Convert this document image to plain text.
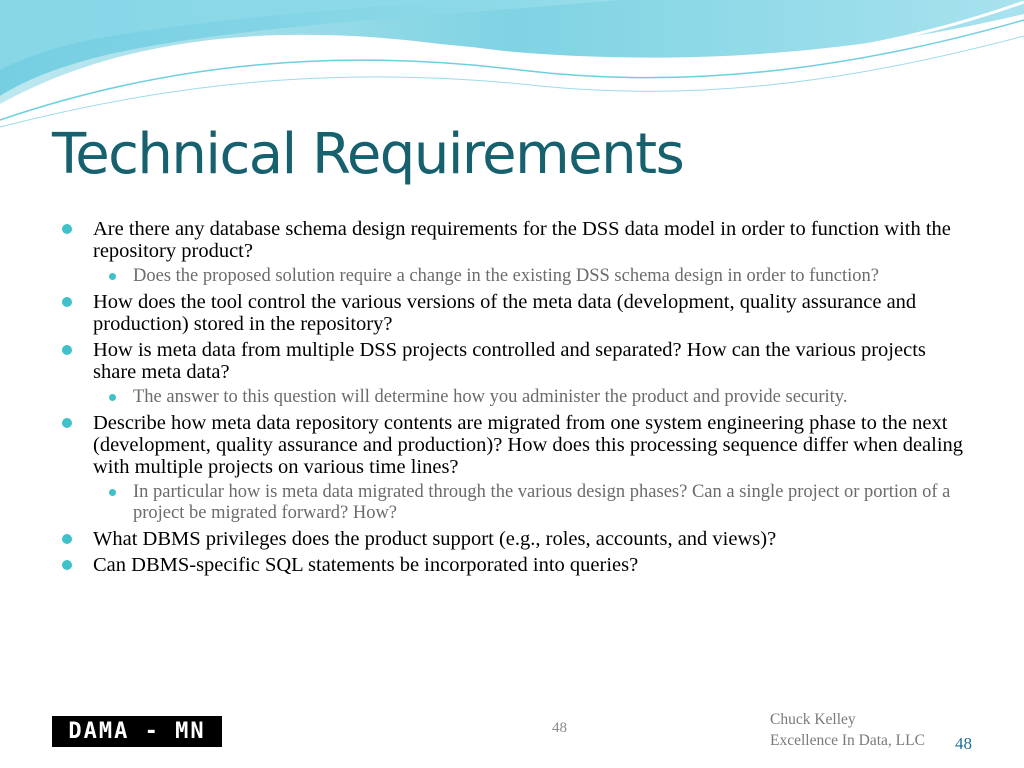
Technical Requirements
Are there any database schema design requirements for the DSS data model in order to function with the repository product?
Does the proposed solution require a change in the existing DSS schema design in order to function?
How does the tool control the various versions of the meta data (development, quality assurance and production) stored in the repository?
How is meta data from multiple DSS projects controlled and separated? How can the various projects share meta data?
The answer to this question will determine how you administer the product and provide security.
Describe how meta data repository contents are migrated from one system engineering phase to the next (development, quality assurance and production)? How does this processing sequence differ when dealing with multiple projects on various time lines?
In particular how is meta data migrated through the various design phases? Can a single project or portion of a project be migrated forward? How?
What DBMS privileges does the product support (e.g., roles, accounts, and views)?
Can DBMS-specific SQL statements be incorporated into queries?
DAMA - MN	48	Chuck Kelley
Excellence In Data, LLC 48
